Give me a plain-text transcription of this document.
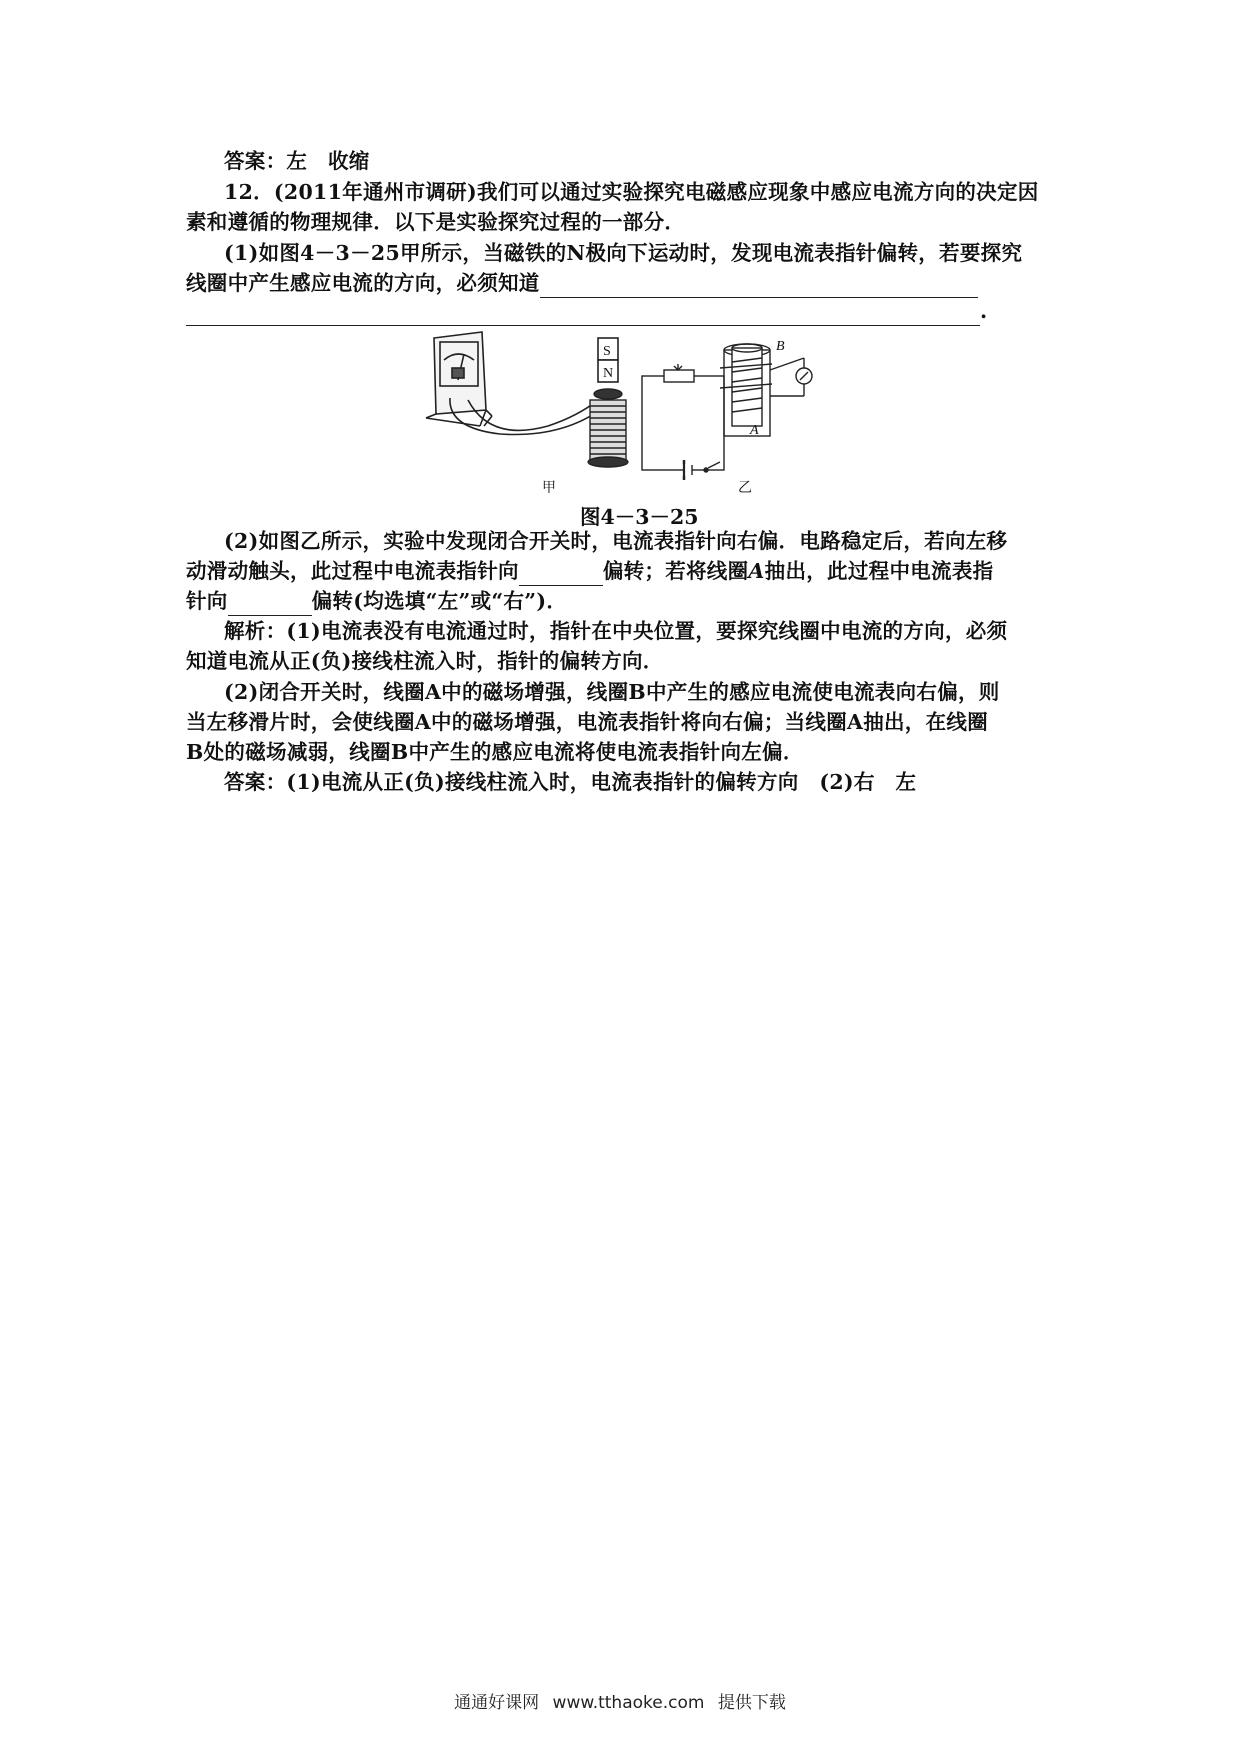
答案：左　收缩
12．(2011年通州市调研)我们可以通过实验探究电磁感应现象中感应电流方向的决定因
素和遵循的物理规律．以下是实验探究过程的一部分．
(1)如图4－3－25甲所示，当磁铁的N极向下运动时，发现电流表指针偏转，若要探究
线圈中产生感应电流的方向，必须知道
.
S
N
A
B
甲	乙
图4－3－25
(2)如图乙所示，实验中发现闭合开关时，电流表指针向右偏．电路稳定后，若向左移
动滑动触头，此过程中电流表指针向	偏转；若将线圈A抽出，此过程中电流表指
针向	偏转(均选填“左”或“右”)．
解析：(1)电流表没有电流通过时，指针在中央位置，要探究线圈中电流的方向，必须
知道电流从正(负)接线柱流入时，指针的偏转方向．
(2)闭合开关时，线圈A中的磁场增强，线圈B中产生的感应电流使电流表向右偏，则
当左移滑片时，会使线圈A中的磁场增强，电流表指针将向右偏；当线圈A抽出，在线圈
B处的磁场减弱，线圈B中产生的感应电流将使电流表指针向左偏．
答案：(1)电流从正(负)接线柱流入时，电流表指针的偏转方向　(2)右　左
通通好课网 www.tthaoke.com 提供下载
